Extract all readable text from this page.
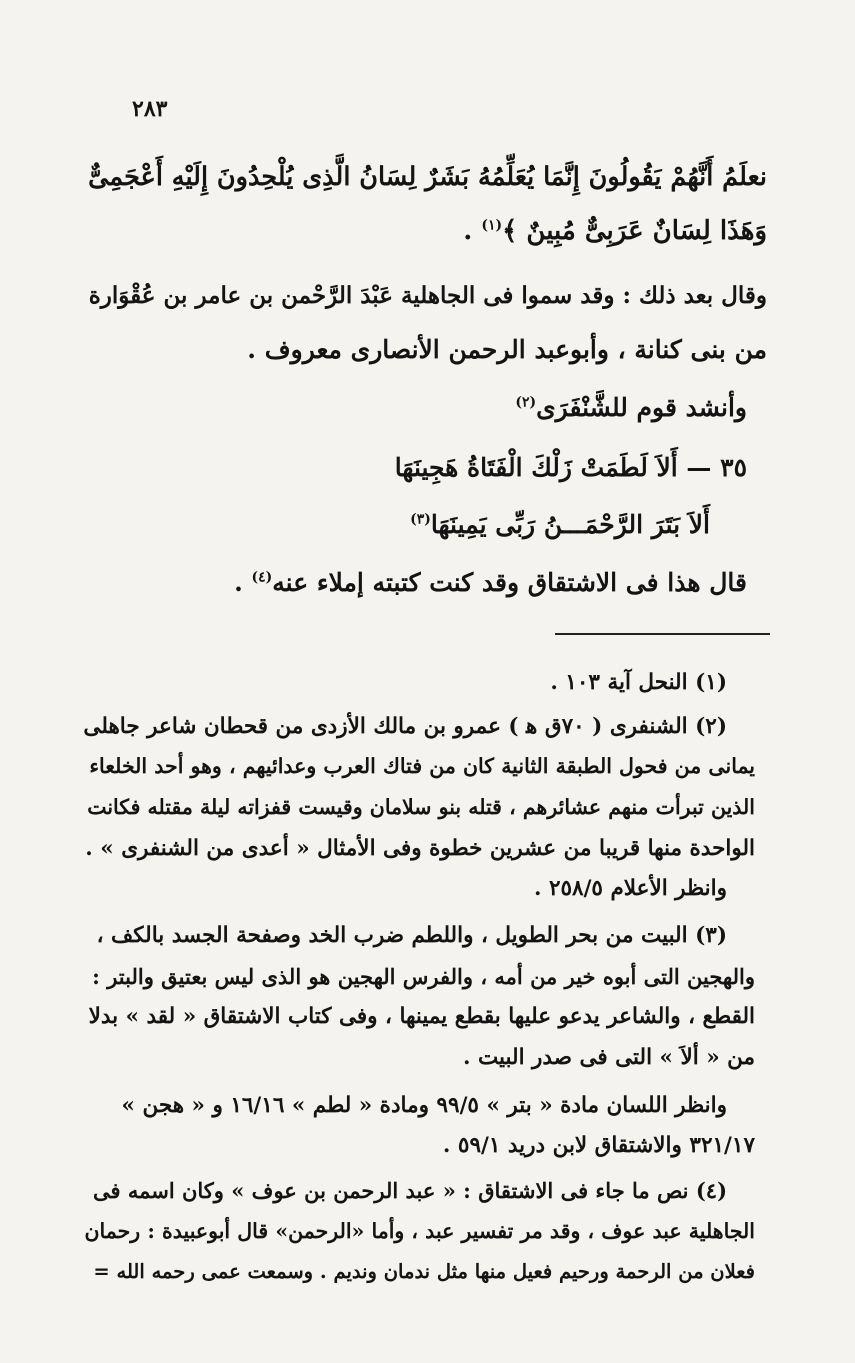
٢٨٣
نعلَمُ أَنَّهُمْ يَقُولُونَ إِنَّمَا يُعَلِّمُهُ بَشَرٌ لِسَانُ الَّذِى يُلْحِدُونَ إِلَيْهِ أَعْجَمِىٌّ
وَهَذَا لِسَانٌ عَرَبِىٌّ مُبِينٌ ﴾$^{(١)}$ .
وقال بعد ذلك : وقد سموا فى الجاهلية عَبْدَ الرَّحْمن بن عامر بن عُقْوَارة
من بنى كنانة ، وأبوعبد الرحمن الأنصارى معروف .
وأنشد قوم للشَّنْفَرَى$^{(٢)}$
٣٥ — أَلاَ لَطَمَتْ زَلْكَ الْفَتَاةُ هَجِينَهَا
أَلاَ بَتَرَ الرَّحْمَـــنُ رَبِّى يَمِينَهَا$^{(٣)}$
قال هذا فى الاشتقاق وقد كنت كتبته إملاء عنه$^{(٤)}$ .
(١) النحل آية ١٠٣ .
(٢) الشنفرى ( ٧٠ق ﻫ ) عمرو بن مالك الأزدى من قحطان شاعر جاهلى
يمانى من فحول الطبقة الثانية كان من فتاك العرب وعدائيهم ، وهو أحد الخلعاء
الذين تبرأت منهم عشائرهم ، قتله بنو سلامان وقيست قفزاته ليلة مقتله فكانت
الواحدة منها قريبا من عشرين خطوة وفى الأمثال « أعدى من الشنفرى » .
وانظر الأعلام ٢٥٨/٥ .
(٣) البيت من بحر الطويل ، واللطم ضرب الخد وصفحة الجسد بالكف ،
والهجين التى أبوه خير من أمه ، والفرس الهجين هو الذى ليس بعتيق والبتر :
القطع ، والشاعر يدعو عليها بقطع يمينها ، وفى كتاب الاشتقاق « لقد » بدلا
من « ألاَ » التى فى صدر البيت .
وانظر اللسان مادة « بتر » ٩٩/٥ ومادة « لطم » ١٦/١٦ و « هجن »
٣٢١/١٧ والاشتقاق لابن دريد ٥٩/١ .
(٤) نص ما جاء فى الاشتقاق : « عبد الرحمن بن عوف » وكان اسمه فى
الجاهلية عبد عوف ، وقد مر تفسير عبد ، وأما «الرحمن» قال أبوعبيدة : رحمان
فعلان من الرحمة ورحيم فعيل منها مثل ندمان ونديم . وسمعت عمى رحمه الله =
